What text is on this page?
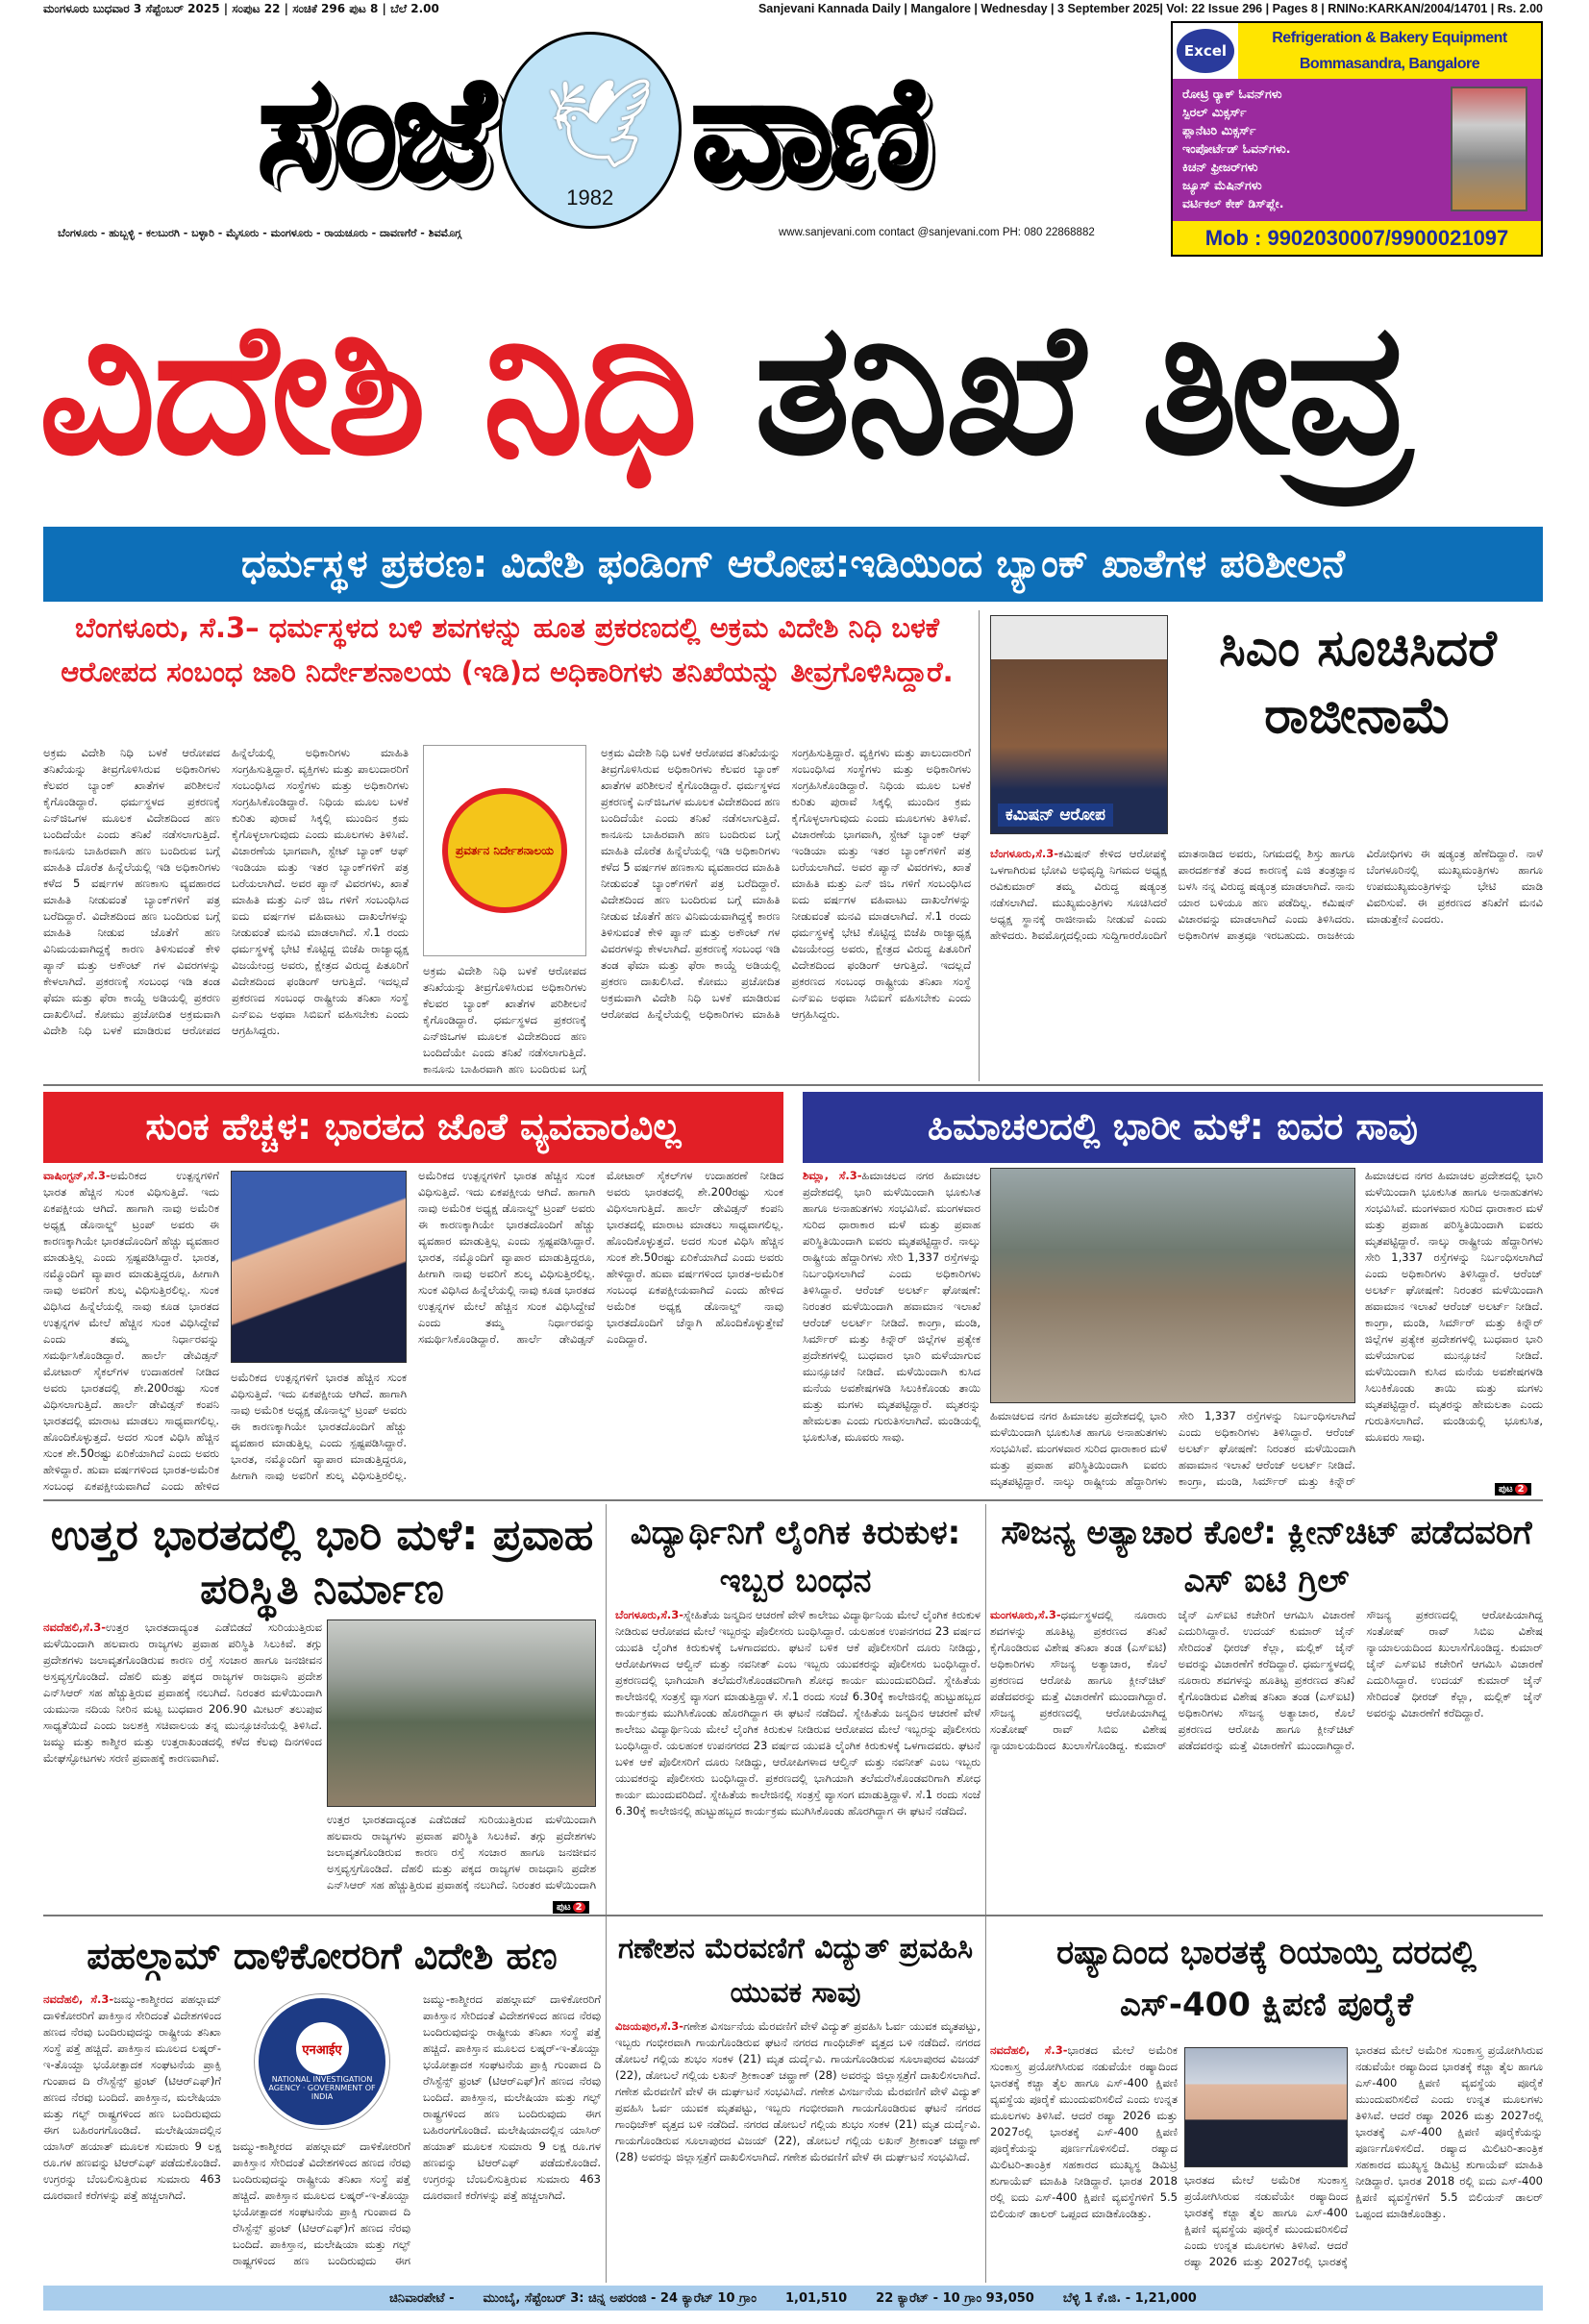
ಮಂಗಳೂರು ಬುಧವಾರ 3 ಸೆಪ್ಟೆಂಬರ್ 2025 | ಸಂಪುಟ 22 | ಸಂಚಿಕೆ 296 ಪುಟ 8 | ಬೆಲೆ 2.00	Sanjevani Kannada Daily | Mangalore | Wednesday | 3 September 2025| Vol: 22 Issue 296 | Pages 8 | RNINo:KARKAN/2004/14701 | Rs. 2.00
ಸಂಜೆ 🕊
1982 ವಾಣಿ
ಬೆಂಗಳೂರು - ಹುಬ್ಬಳ್ಳಿ - ಕಲಬುರಗಿ - ಬಳ್ಳಾರಿ - ಮೈಸೂರು - ಮಂಗಳೂರು - ರಾಯಚೂರು - ದಾವಣಗೆರೆ - ಶಿವಮೊಗ್ಗ	www.sanjevani.com contact @sanjevani.com PH: 080 22868882
Excel
Refrigeration & Bakery Equipment
Bommasandra, Bangalore
ರೋಟ್ರಿ ರ್‍ಯಾಕ್ ಓವನ್‌ಗಳು
ಸ್ಪಿರಲ್ ಮಿಕ್ಸರ್ಸ್
ಪ್ಲಾನೆಟರಿ ಮಿಕ್ಸರ್ಸ್
ಇಂಪೋರ್ಟೆಡ್ ಓವನ್‌ಗಳು.
ಕಿಚನ್ ಫ್ರೀಜರ್‌ಗಳು
ಜ್ಯೂಸ್ ಮೆಷಿನ್‌ಗಳು
ವರ್ಟಿಕಲ್ ಕೇಕ್ ಡಿಸ್‌ಪ್ಲೇ.
Mob : 9902030007/9900021097
ವಿದೇಶಿ ನಿಧಿ ತನಿಖೆ ತೀವ್ರ
ಧರ್ಮಸ್ಥಳ ಪ್ರಕರಣ: ವಿದೇಶಿ ಫಂಡಿಂಗ್ ಆರೋಪ:ಇಡಿಯಿಂದ ಬ್ಯಾಂಕ್ ಖಾತೆಗಳ ಪರಿಶೀಲನೆ
ಬೆಂಗಳೂರು, ಸೆ.3– ಧರ್ಮಸ್ಥಳದ ಬಳಿ ಶವಗಳನ್ನು ಹೂತ ಪ್ರಕರಣದಲ್ಲಿ ಅಕ್ರಮ ವಿದೇಶಿ ನಿಧಿ ಬಳಕೆ ಆರೋಪದ ಸಂಬಂಧ ಜಾರಿ ನಿರ್ದೇಶನಾಲಯ (ಇಡಿ)ದ ಅಧಿಕಾರಿಗಳು ತನಿಖೆಯನ್ನು ತೀವ್ರಗೊಳಿಸಿದ್ದಾರೆ.
ಅಕ್ರಮ ವಿದೇಶಿ ನಿಧಿ ಬಳಕೆ ಆರೋಪದ ತನಿಖೆಯನ್ನು ತೀವ್ರಗೊಳಿಸಿರುವ ಅಧಿಕಾರಿಗಳು ಕೆಲವರ ಬ್ಯಾಂಕ್ ಖಾತೆಗಳ ಪರಿಶೀಲನೆ ಕೈಗೊಂಡಿದ್ದಾರೆ. ಧರ್ಮಸ್ಥಳದ ಪ್ರಕರಣಕ್ಕೆ ಎನ್‌ಜಿಒಗಳ ಮೂಲಕ ವಿದೇಶದಿಂದ ಹಣ ಬಂದಿದೆಯೇ ಎಂದು ತನಿಖೆ ನಡೆಸಲಾಗುತ್ತಿದೆ. ಕಾನೂನು ಬಾಹಿರವಾಗಿ ಹಣ ಬಂದಿರುವ ಬಗ್ಗೆ ಮಾಹಿತಿ ದೊರೆತ ಹಿನ್ನೆಲೆಯಲ್ಲಿ ಇಡಿ ಅಧಿಕಾರಿಗಳು ಕಳೆದ 5 ವರ್ಷಗಳ ಹಣಕಾಸು ವ್ಯವಹಾರದ ಮಾಹಿತಿ ನೀಡುವಂತೆ ಬ್ಯಾಂಕ್‌ಗಳಿಗೆ ಪತ್ರ ಬರೆದಿದ್ದಾರೆ. ವಿದೇಶದಿಂದ ಹಣ ಬಂದಿರುವ ಬಗ್ಗೆ ಮಾಹಿತಿ ನೀಡುವ ಜೊತೆಗೆ ಹಣ ವಿನಿಮಯವಾಗಿದ್ದಕ್ಕೆ ಕಾರಣ ತಿಳಿಸುವಂತೆ ಕೇಳಿ ಪ್ಯಾನ್ ಮತ್ತು ಅಕೌಂಟ್ ಗಳ ವಿವರಗಳನ್ನು ಕೇಳಲಾಗಿದೆ. ಪ್ರಕರಣಕ್ಕೆ ಸಂಬಂಧ ಇಡಿ ತಂಡ ಫೆಮಾ ಮತ್ತು ಫೆರಾ ಕಾಯ್ದೆ ಅಡಿಯಲ್ಲಿ ಪ್ರಕರಣ ದಾಖಲಿಸಿದೆ. ಕೋಮು ಪ್ರಚೋದಿತ ಅಕ್ರಮವಾಗಿ ವಿದೇಶಿ ನಿಧಿ ಬಳಕೆ ಮಾಡಿರುವ ಆರೋಪದ ಹಿನ್ನೆಲೆಯಲ್ಲಿ ಅಧಿಕಾರಿಗಳು ಮಾಹಿತಿ ಸಂಗ್ರಹಿಸುತ್ತಿದ್ದಾರೆ. ವ್ಯಕ್ತಿಗಳು ಮತ್ತು ಪಾಲುದಾರರಿಗೆ ಸಂಬಂಧಿಸಿದ ಸಂಸ್ಥೆಗಳು ಮತ್ತು ಅಧಿಕಾರಿಗಳು ಸಂಗ್ರಹಿಸಿಕೊಂಡಿದ್ದಾರೆ. ನಿಧಿಯ ಮೂಲ ಬಳಕೆ ಕುರಿತು ಪುರಾವೆ ಸಿಕ್ಕಲ್ಲಿ ಮುಂದಿನ ಕ್ರಮ ಕೈಗೊಳ್ಳಲಾಗುವುದು ಎಂದು ಮೂಲಗಳು ತಿಳಿಸಿವೆ. ವಿಚಾರಣೆಯ ಭಾಗವಾಗಿ, ಸ್ಟೇಟ್ ಬ್ಯಾಂಕ್ ಆಫ್ ಇಂಡಿಯಾ ಮತ್ತು ಇತರ ಬ್ಯಾಂಕ್‌ಗಳಿಗೆ ಪತ್ರ ಬರೆಯಲಾಗಿದೆ. ಅವರ ಪ್ಯಾನ್ ವಿವರಗಳು, ಖಾತೆ ಮಾಹಿತಿ ಮತ್ತು ಎನ್ ಜಿಒ ಗಳಿಗೆ ಸಂಬಂಧಿಸಿದ ಐದು ವರ್ಷಗಳ ವಹಿವಾಟು ದಾಖಲೆಗಳನ್ನು ನೀಡುವಂತೆ ಮನವಿ ಮಾಡಲಾಗಿದೆ. ಸೆ.1 ರಂದು ಧರ್ಮಸ್ಥಳಕ್ಕೆ ಭೇಟಿ ಕೊಟ್ಟಿದ್ದ ಬಿಜೆಪಿ ರಾಜ್ಯಾಧ್ಯಕ್ಷ ವಿಜಯೇಂದ್ರ ಅವರು, ಕ್ಷೇತ್ರದ ವಿರುದ್ಧ ಪಿತೂರಿಗೆ ವಿದೇಶದಿಂದ ಫಂಡಿಂಗ್ ಆಗುತ್ತಿದೆ. ಇದಲ್ಲದೆ ಪ್ರಕರಣದ ಸಂಬಂಧ ರಾಷ್ಟ್ರೀಯ ತನಿಖಾ ಸಂಸ್ಥೆ ಎನ್‌ಐಎ ಅಥವಾ ಸಿಬಿಐಗೆ ವಹಿಸಬೇಕು ಎಂದು ಆಗ್ರಹಿಸಿದ್ದರು.
ಪ್ರವರ್ತನ ನಿರ್ದೇಶನಾಲಯ
ಅಕ್ರಮ ವಿದೇಶಿ ನಿಧಿ ಬಳಕೆ ಆರೋಪದ ತನಿಖೆಯನ್ನು ತೀವ್ರಗೊಳಿಸಿರುವ ಅಧಿಕಾರಿಗಳು ಕೆಲವರ ಬ್ಯಾಂಕ್ ಖಾತೆಗಳ ಪರಿಶೀಲನೆ ಕೈಗೊಂಡಿದ್ದಾರೆ. ಧರ್ಮಸ್ಥಳದ ಪ್ರಕರಣಕ್ಕೆ ಎನ್‌ಜಿಒಗಳ ಮೂಲಕ ವಿದೇಶದಿಂದ ಹಣ ಬಂದಿದೆಯೇ ಎಂದು ತನಿಖೆ ನಡೆಸಲಾಗುತ್ತಿದೆ. ಕಾನೂನು ಬಾಹಿರವಾಗಿ ಹಣ ಬಂದಿರುವ ಬಗ್ಗೆ
ಅಕ್ರಮ ವಿದೇಶಿ ನಿಧಿ ಬಳಕೆ ಆರೋಪದ ತನಿಖೆಯನ್ನು ತೀವ್ರಗೊಳಿಸಿರುವ ಅಧಿಕಾರಿಗಳು ಕೆಲವರ ಬ್ಯಾಂಕ್ ಖಾತೆಗಳ ಪರಿಶೀಲನೆ ಕೈಗೊಂಡಿದ್ದಾರೆ. ಧರ್ಮಸ್ಥಳದ ಪ್ರಕರಣಕ್ಕೆ ಎನ್‌ಜಿಒಗಳ ಮೂಲಕ ವಿದೇಶದಿಂದ ಹಣ ಬಂದಿದೆಯೇ ಎಂದು ತನಿಖೆ ನಡೆಸಲಾಗುತ್ತಿದೆ. ಕಾನೂನು ಬಾಹಿರವಾಗಿ ಹಣ ಬಂದಿರುವ ಬಗ್ಗೆ ಮಾಹಿತಿ ದೊರೆತ ಹಿನ್ನೆಲೆಯಲ್ಲಿ ಇಡಿ ಅಧಿಕಾರಿಗಳು ಕಳೆದ 5 ವರ್ಷಗಳ ಹಣಕಾಸು ವ್ಯವಹಾರದ ಮಾಹಿತಿ ನೀಡುವಂತೆ ಬ್ಯಾಂಕ್‌ಗಳಿಗೆ ಪತ್ರ ಬರೆದಿದ್ದಾರೆ. ವಿದೇಶದಿಂದ ಹಣ ಬಂದಿರುವ ಬಗ್ಗೆ ಮಾಹಿತಿ ನೀಡುವ ಜೊತೆಗೆ ಹಣ ವಿನಿಮಯವಾಗಿದ್ದಕ್ಕೆ ಕಾರಣ ತಿಳಿಸುವಂತೆ ಕೇಳಿ ಪ್ಯಾನ್ ಮತ್ತು ಅಕೌಂಟ್ ಗಳ ವಿವರಗಳನ್ನು ಕೇಳಲಾಗಿದೆ. ಪ್ರಕರಣಕ್ಕೆ ಸಂಬಂಧ ಇಡಿ ತಂಡ ಫೆಮಾ ಮತ್ತು ಫೆರಾ ಕಾಯ್ದೆ ಅಡಿಯಲ್ಲಿ ಪ್ರಕರಣ ದಾಖಲಿಸಿದೆ. ಕೋಮು ಪ್ರಚೋದಿತ ಅಕ್ರಮವಾಗಿ ವಿದೇಶಿ ನಿಧಿ ಬಳಕೆ ಮಾಡಿರುವ ಆರೋಪದ ಹಿನ್ನೆಲೆಯಲ್ಲಿ ಅಧಿಕಾರಿಗಳು ಮಾಹಿತಿ ಸಂಗ್ರಹಿಸುತ್ತಿದ್ದಾರೆ. ವ್ಯಕ್ತಿಗಳು ಮತ್ತು ಪಾಲುದಾರರಿಗೆ ಸಂಬಂಧಿಸಿದ ಸಂಸ್ಥೆಗಳು ಮತ್ತು ಅಧಿಕಾರಿಗಳು ಸಂಗ್ರಹಿಸಿಕೊಂಡಿದ್ದಾರೆ. ನಿಧಿಯ ಮೂಲ ಬಳಕೆ ಕುರಿತು ಪುರಾವೆ ಸಿಕ್ಕಲ್ಲಿ ಮುಂದಿನ ಕ್ರಮ ಕೈಗೊಳ್ಳಲಾಗುವುದು ಎಂದು ಮೂಲಗಳು ತಿಳಿಸಿವೆ. ವಿಚಾರಣೆಯ ಭಾಗವಾಗಿ, ಸ್ಟೇಟ್ ಬ್ಯಾಂಕ್ ಆಫ್ ಇಂಡಿಯಾ ಮತ್ತು ಇತರ ಬ್ಯಾಂಕ್‌ಗಳಿಗೆ ಪತ್ರ ಬರೆಯಲಾಗಿದೆ. ಅವರ ಪ್ಯಾನ್ ವಿವರಗಳು, ಖಾತೆ ಮಾಹಿತಿ ಮತ್ತು ಎನ್ ಜಿಒ ಗಳಿಗೆ ಸಂಬಂಧಿಸಿದ ಐದು ವರ್ಷಗಳ ವಹಿವಾಟು ದಾಖಲೆಗಳನ್ನು ನೀಡುವಂತೆ ಮನವಿ ಮಾಡಲಾಗಿದೆ. ಸೆ.1 ರಂದು ಧರ್ಮಸ್ಥಳಕ್ಕೆ ಭೇಟಿ ಕೊಟ್ಟಿದ್ದ ಬಿಜೆಪಿ ರಾಜ್ಯಾಧ್ಯಕ್ಷ ವಿಜಯೇಂದ್ರ ಅವರು, ಕ್ಷೇತ್ರದ ವಿರುದ್ಧ ಪಿತೂರಿಗೆ ವಿದೇಶದಿಂದ ಫಂಡಿಂಗ್ ಆಗುತ್ತಿದೆ. ಇದಲ್ಲದೆ ಪ್ರಕರಣದ ಸಂಬಂಧ ರಾಷ್ಟ್ರೀಯ ತನಿಖಾ ಸಂಸ್ಥೆ ಎನ್‌ಐಎ ಅಥವಾ ಸಿಬಿಐಗೆ ವಹಿಸಬೇಕು ಎಂದು ಆಗ್ರಹಿಸಿದ್ದರು.
ಕಮಿಷನ್ ಆರೋಪ
ಸಿಎಂ ಸೂಚಿಸಿದರೆ ರಾಜೀನಾಮೆ
ಬೆಂಗಳೂರು,ಸೆ.3-ಕಮಿಷನ್ ಕೇಳಿದ ಆರೋಪಕ್ಕೆ ಒಳಗಾಗಿರುವ ಭೋವಿ ಅಭಿವೃದ್ಧಿ ನಿಗಮದ ಅಧ್ಯಕ್ಷ ರವಿಕುಮಾರ್ ತಮ್ಮ ವಿರುದ್ಧ ಷಡ್ಯಂತ್ರ ನಡೆಸಲಾಗಿದೆ. ಮುಖ್ಯಮಂತ್ರಿಗಳು ಸೂಚಿಸಿದರೆ ಅಧ್ಯಕ್ಷ ಸ್ಥಾನಕ್ಕೆ ರಾಜೀನಾಮೆ ನೀಡುವೆ ಎಂದು ಹೇಳಿದರು. ಶಿವಮೊಗ್ಗದಲ್ಲಿಂದು ಸುದ್ದಿಗಾರರೊಂದಿಗೆ ಮಾತನಾಡಿದ ಅವರು, ನಿಗಮದಲ್ಲಿ ಶಿಸ್ತು ಹಾಗೂ ಪಾರದರ್ಶಕತೆ ತಂದ ಕಾರಣಕ್ಕೆ ಎಜಿ ತಂತ್ರಜ್ಞಾನ ಬಳಸಿ ನನ್ನ ವಿರುದ್ಧ ಷಡ್ಯಂತ್ರ ಮಾಡಲಾಗಿದೆ. ನಾನು ಯಾರ ಬಳಿಯೂ ಹಣ ಪಡೆದಿಲ್ಲ. ಕಮಿಷನ್ ವಿಚಾರವನ್ನು ಮಾಡಲಾಗಿದೆ ಎಂದು ತಿಳಿಸಿದರು. ಅಧಿಕಾರಿಗಳ ಪಾತ್ರವೂ ಇರಬಹುದು. ರಾಜಕೀಯ ವಿರೋಧಿಗಳು ಈ ಷಡ್ಯಂತ್ರ ಹೆಣೆದಿದ್ದಾರೆ. ನಾಳೆ ಬೆಂಗಳೂರಿನಲ್ಲಿ ಮುಖ್ಯಮಂತ್ರಿಗಳು ಹಾಗೂ ಉಪಮುಖ್ಯಮಂತ್ರಿಗಳನ್ನು ಭೇಟಿ ಮಾಡಿ ವಿವರಿಸುವೆ. ಈ ಪ್ರಕರಣದ ತನಿಖೆಗೆ ಮನವಿ ಮಾಡುತ್ತೇನೆ ಎಂದರು.
ಸುಂಕ ಹೆಚ್ಚಳ: ಭಾರತದ ಜೊತೆ ವ್ಯವಹಾರವಿಲ್ಲ
ವಾಷಿಂಗ್ಟನ್,ಸೆ.3-ಅಮೆರಿಕದ ಉತ್ಪನ್ನಗಳಿಗೆ ಭಾರತ ಹೆಚ್ಚಿನ ಸುಂಕ ವಿಧಿಸುತ್ತಿದೆ. ಇದು ಏಕಪಕ್ಷೀಯ ಆಗಿದೆ. ಹಾಗಾಗಿ ನಾವು ಅಮೆರಿಕ ಅಧ್ಯಕ್ಷ ಡೊನಾಲ್ಡ್ ಟ್ರಂಪ್ ಅವರು ಈ ಕಾರಣಕ್ಕಾಗಿಯೇ ಭಾರತದೊಂದಿಗೆ ಹೆಚ್ಚು ವ್ಯವಹಾರ ಮಾಡುತ್ತಿಲ್ಲ ಎಂದು ಸ್ಪಷ್ಟಪಡಿಸಿದ್ದಾರೆ. ಭಾರತ, ನಮ್ಮೊಂದಿಗೆ ವ್ಯಾಪಾರ ಮಾಡುತ್ತಿದ್ದರೂ, ಹೀಗಾಗಿ ನಾವು ಅವರಿಗೆ ಶುಲ್ಕ ವಿಧಿಸುತ್ತಿರಲಿಲ್ಲ. ಸುಂಕ ವಿಧಿಸಿದ ಹಿನ್ನೆಲೆಯಲ್ಲಿ ನಾವು ಕೂಡ ಭಾರತದ ಉತ್ಪನ್ನಗಳ ಮೇಲೆ ಹೆಚ್ಚಿನ ಸುಂಕ ವಿಧಿಸಿದ್ದೇವೆ ಎಂದು ತಮ್ಮ ನಿರ್ಧಾರವನ್ನು ಸಮರ್ಥಿಸಿಕೊಂಡಿದ್ದಾರೆ. ಹಾರ್ಲೆ ಡೇವಿಡ್ಸನ್ ಮೋಟಾರ್ ಸೈಕಲ್‌ಗಳ ಉದಾಹರಣೆ ನೀಡಿದ ಅವರು ಭಾರತದಲ್ಲಿ ಶೇ.200ರಷ್ಟು ಸುಂಕ ವಿಧಿಸಲಾಗುತ್ತಿದೆ. ಹಾರ್ಲೆ ಡೇವಿಡ್ಸನ್ ಕಂಪನಿ ಭಾರತದಲ್ಲಿ ಮಾರಾಟ ಮಾಡಲು ಸಾಧ್ಯವಾಗಲಿಲ್ಲ. ಹೊಂದಿಕೊಳ್ಳುತ್ತದೆ. ಅದರ ಸುಂಕ ವಿಧಿಸಿ ಹೆಚ್ಚಿನ ಸುಂಕ ಶೇ.50ರಷ್ಟು ಏರಿಕೆಯಾಗಿದೆ ಎಂದು ಅವರು ಹೇಳಿದ್ದಾರೆ. ಹುವಾ ವರ್ಷಗಳಿಂದ ಭಾರತ-ಅಮೆರಿಕ ಸಂಬಂಧ ಏಕಪಕ್ಷೀಯವಾಗಿದೆ ಎಂದು ಹೇಳಿದ
ಅಮೆರಿಕದ ಉತ್ಪನ್ನಗಳಿಗೆ ಭಾರತ ಹೆಚ್ಚಿನ ಸುಂಕ ವಿಧಿಸುತ್ತಿದೆ. ಇದು ಏಕಪಕ್ಷೀಯ ಆಗಿದೆ. ಹಾಗಾಗಿ ನಾವು ಅಮೆರಿಕ ಅಧ್ಯಕ್ಷ ಡೊನಾಲ್ಡ್ ಟ್ರಂಪ್ ಅವರು ಈ ಕಾರಣಕ್ಕಾಗಿಯೇ ಭಾರತದೊಂದಿಗೆ ಹೆಚ್ಚು ವ್ಯವಹಾರ ಮಾಡುತ್ತಿಲ್ಲ ಎಂದು ಸ್ಪಷ್ಟಪಡಿಸಿದ್ದಾರೆ. ಭಾರತ, ನಮ್ಮೊಂದಿಗೆ ವ್ಯಾಪಾರ ಮಾಡುತ್ತಿದ್ದರೂ, ಹೀಗಾಗಿ ನಾವು ಅವರಿಗೆ ಶುಲ್ಕ ವಿಧಿಸುತ್ತಿರಲಿಲ್ಲ.
ಅಮೆರಿಕದ ಉತ್ಪನ್ನಗಳಿಗೆ ಭಾರತ ಹೆಚ್ಚಿನ ಸುಂಕ ವಿಧಿಸುತ್ತಿದೆ. ಇದು ಏಕಪಕ್ಷೀಯ ಆಗಿದೆ. ಹಾಗಾಗಿ ನಾವು ಅಮೆರಿಕ ಅಧ್ಯಕ್ಷ ಡೊನಾಲ್ಡ್ ಟ್ರಂಪ್ ಅವರು ಈ ಕಾರಣಕ್ಕಾಗಿಯೇ ಭಾರತದೊಂದಿಗೆ ಹೆಚ್ಚು ವ್ಯವಹಾರ ಮಾಡುತ್ತಿಲ್ಲ ಎಂದು ಸ್ಪಷ್ಟಪಡಿಸಿದ್ದಾರೆ. ಭಾರತ, ನಮ್ಮೊಂದಿಗೆ ವ್ಯಾಪಾರ ಮಾಡುತ್ತಿದ್ದರೂ, ಹೀಗಾಗಿ ನಾವು ಅವರಿಗೆ ಶುಲ್ಕ ವಿಧಿಸುತ್ತಿರಲಿಲ್ಲ. ಸುಂಕ ವಿಧಿಸಿದ ಹಿನ್ನೆಲೆಯಲ್ಲಿ ನಾವು ಕೂಡ ಭಾರತದ ಉತ್ಪನ್ನಗಳ ಮೇಲೆ ಹೆಚ್ಚಿನ ಸುಂಕ ವಿಧಿಸಿದ್ದೇವೆ ಎಂದು ತಮ್ಮ ನಿರ್ಧಾರವನ್ನು ಸಮರ್ಥಿಸಿಕೊಂಡಿದ್ದಾರೆ. ಹಾರ್ಲೆ ಡೇವಿಡ್ಸನ್ ಮೋಟಾರ್ ಸೈಕಲ್‌ಗಳ ಉದಾಹರಣೆ ನೀಡಿದ ಅವರು ಭಾರತದಲ್ಲಿ ಶೇ.200ರಷ್ಟು ಸುಂಕ ವಿಧಿಸಲಾಗುತ್ತಿದೆ. ಹಾರ್ಲೆ ಡೇವಿಡ್ಸನ್ ಕಂಪನಿ ಭಾರತದಲ್ಲಿ ಮಾರಾಟ ಮಾಡಲು ಸಾಧ್ಯವಾಗಲಿಲ್ಲ. ಹೊಂದಿಕೊಳ್ಳುತ್ತದೆ. ಅದರ ಸುಂಕ ವಿಧಿಸಿ ಹೆಚ್ಚಿನ ಸುಂಕ ಶೇ.50ರಷ್ಟು ಏರಿಕೆಯಾಗಿದೆ ಎಂದು ಅವರು ಹೇಳಿದ್ದಾರೆ. ಹುವಾ ವರ್ಷಗಳಿಂದ ಭಾರತ-ಅಮೆರಿಕ ಸಂಬಂಧ ಏಕಪಕ್ಷೀಯವಾಗಿದೆ ಎಂದು ಹೇಳಿದ ಅಮೆರಿಕ ಅಧ್ಯಕ್ಷ ಡೊನಾಲ್ಡ್ ನಾವು ಭಾರತದೊಂದಿಗೆ ಚೆನ್ನಾಗಿ ಹೊಂದಿಕೊಳ್ಳುತ್ತೇವೆ ಎಂದಿದ್ದಾರೆ.
ಹಿಮಾಚಲದಲ್ಲಿ ಭಾರೀ ಮಳೆ: ಐವರ ಸಾವು
ಶಿಮ್ಲಾ, ಸೆ.3-ಹಿಮಾಚಲದ ನಗರ ಹಿಮಾಚಲ ಪ್ರದೇಶದಲ್ಲಿ ಭಾರಿ ಮಳೆಯಿಂದಾಗಿ ಭೂಕುಸಿತ ಹಾಗೂ ಅನಾಹುತಗಳು ಸಂಭವಿಸಿವೆ. ಮಂಗಳವಾರ ಸುರಿದ ಧಾರಾಕಾರ ಮಳೆ ಮತ್ತು ಪ್ರವಾಹ ಪರಿಸ್ಥಿತಿಯಿಂದಾಗಿ ಐವರು ಮೃತಪಟ್ಟಿದ್ದಾರೆ. ನಾಲ್ಕು ರಾಷ್ಟ್ರೀಯ ಹೆದ್ದಾರಿಗಳು ಸೇರಿ 1,337 ರಸ್ತೆಗಳನ್ನು ನಿರ್ಬಂಧಿಸಲಾಗಿದೆ ಎಂದು ಅಧಿಕಾರಿಗಳು ತಿಳಿಸಿದ್ದಾರೆ. ಆರೆಂಜ್ ಅಲರ್ಟ್ ಘೋಷಣೆ: ನಿರಂತರ ಮಳೆಯಿಂದಾಗಿ ಹವಾಮಾನ ಇಲಾಖೆ ಆರೆಂಜ್ ಅಲರ್ಟ್ ನೀಡಿದೆ. ಕಾಂಗ್ರಾ, ಮಂಡಿ, ಸಿರ್ಮೌರ್ ಮತ್ತು ಕಿನ್ನೌರ್ ಜಿಲ್ಲೆಗಳ ಪ್ರತ್ಯೇಕ ಪ್ರದೇಶಗಳಲ್ಲಿ ಬುಧವಾರ ಭಾರಿ ಮಳೆಯಾಗುವ ಮುನ್ಸೂಚನೆ ನೀಡಿದೆ. ಮಳೆಯಿಂದಾಗಿ ಕುಸಿದ ಮನೆಯ ಅವಶೇಷಗಳಡಿ ಸಿಲುಕಿಕೊಂಡು ತಾಯಿ ಮತ್ತು ಮಗಳು ಮೃತಪಟ್ಟಿದ್ದಾರೆ. ಮೃತರನ್ನು ಹೇಮಲತಾ ಎಂದು ಗುರುತಿಸಲಾಗಿದೆ. ಮಂಡಿಯಲ್ಲಿ ಭೂಕುಸಿತ, ಮೂವರು ಸಾವು.
ಹಿಮಾಚಲದ ನಗರ ಹಿಮಾಚಲ ಪ್ರದೇಶದಲ್ಲಿ ಭಾರಿ ಮಳೆಯಿಂದಾಗಿ ಭೂಕುಸಿತ ಹಾಗೂ ಅನಾಹುತಗಳು ಸಂಭವಿಸಿವೆ. ಮಂಗಳವಾರ ಸುರಿದ ಧಾರಾಕಾರ ಮಳೆ ಮತ್ತು ಪ್ರವಾಹ ಪರಿಸ್ಥಿತಿಯಿಂದಾಗಿ ಐವರು ಮೃತಪಟ್ಟಿದ್ದಾರೆ. ನಾಲ್ಕು ರಾಷ್ಟ್ರೀಯ ಹೆದ್ದಾರಿಗಳು ಸೇರಿ 1,337 ರಸ್ತೆಗಳನ್ನು ನಿರ್ಬಂಧಿಸಲಾಗಿದೆ ಎಂದು ಅಧಿಕಾರಿಗಳು ತಿಳಿಸಿದ್ದಾರೆ. ಆರೆಂಜ್ ಅಲರ್ಟ್ ಘೋಷಣೆ: ನಿರಂತರ ಮಳೆಯಿಂದಾಗಿ ಹವಾಮಾನ ಇಲಾಖೆ ಆರೆಂಜ್ ಅಲರ್ಟ್ ನೀಡಿದೆ. ಕಾಂಗ್ರಾ, ಮಂಡಿ, ಸಿರ್ಮೌರ್ ಮತ್ತು ಕಿನ್ನೌರ್
ಹಿಮಾಚಲದ ನಗರ ಹಿಮಾಚಲ ಪ್ರದೇಶದಲ್ಲಿ ಭಾರಿ ಮಳೆಯಿಂದಾಗಿ ಭೂಕುಸಿತ ಹಾಗೂ ಅನಾಹುತಗಳು ಸಂಭವಿಸಿವೆ. ಮಂಗಳವಾರ ಸುರಿದ ಧಾರಾಕಾರ ಮಳೆ ಮತ್ತು ಪ್ರವಾಹ ಪರಿಸ್ಥಿತಿಯಿಂದಾಗಿ ಐವರು ಮೃತಪಟ್ಟಿದ್ದಾರೆ. ನಾಲ್ಕು ರಾಷ್ಟ್ರೀಯ ಹೆದ್ದಾರಿಗಳು ಸೇರಿ 1,337 ರಸ್ತೆಗಳನ್ನು ನಿರ್ಬಂಧಿಸಲಾಗಿದೆ ಎಂದು ಅಧಿಕಾರಿಗಳು ತಿಳಿಸಿದ್ದಾರೆ. ಆರೆಂಜ್ ಅಲರ್ಟ್ ಘೋಷಣೆ: ನಿರಂತರ ಮಳೆಯಿಂದಾಗಿ ಹವಾಮಾನ ಇಲಾಖೆ ಆರೆಂಜ್ ಅಲರ್ಟ್ ನೀಡಿದೆ. ಕಾಂಗ್ರಾ, ಮಂಡಿ, ಸಿರ್ಮೌರ್ ಮತ್ತು ಕಿನ್ನೌರ್ ಜಿಲ್ಲೆಗಳ ಪ್ರತ್ಯೇಕ ಪ್ರದೇಶಗಳಲ್ಲಿ ಬುಧವಾರ ಭಾರಿ ಮಳೆಯಾಗುವ ಮುನ್ಸೂಚನೆ ನೀಡಿದೆ. ಮಳೆಯಿಂದಾಗಿ ಕುಸಿದ ಮನೆಯ ಅವಶೇಷಗಳಡಿ ಸಿಲುಕಿಕೊಂಡು ತಾಯಿ ಮತ್ತು ಮಗಳು ಮೃತಪಟ್ಟಿದ್ದಾರೆ. ಮೃತರನ್ನು ಹೇಮಲತಾ ಎಂದು ಗುರುತಿಸಲಾಗಿದೆ. ಮಂಡಿಯಲ್ಲಿ ಭೂಕುಸಿತ, ಮೂವರು ಸಾವು.
ಪುಟ 2
ಉತ್ತರ ಭಾರತದಲ್ಲಿ ಭಾರಿ ಮಳೆ: ಪ್ರವಾಹ ಪರಿಸ್ಥಿತಿ ನಿರ್ಮಾಣ
ನವದೆಹಲಿ,ಸೆ.3-ಉತ್ತರ ಭಾರತದಾದ್ಯಂತ ಎಡೆಬಿಡದೆ ಸುರಿಯುತ್ತಿರುವ ಮಳೆಯಿಂದಾಗಿ ಹಲವಾರು ರಾಜ್ಯಗಳು ಪ್ರವಾಹ ಪರಿಸ್ಥಿತಿ ಸಿಲುಕಿವೆ. ತಗ್ಗು ಪ್ರದೇಶಗಳು ಜಲಾವೃತಗೊಂಡಿರುವ ಕಾರಣ ರಸ್ತೆ ಸಂಚಾರ ಹಾಗೂ ಜನಜೀವನ ಅಸ್ತವ್ಯಸ್ತಗೊಂಡಿದೆ. ದೆಹಲಿ ಮತ್ತು ಪಕ್ಕದ ರಾಜ್ಯಗಳ ರಾಜಧಾನಿ ಪ್ರದೇಶ ಎನ್‌ಸಿಆರ್ ಸಹ ಹೆಚ್ಚುತ್ತಿರುವ ಪ್ರವಾಹಕ್ಕೆ ನಲುಗಿದೆ. ನಿರಂತರ ಮಳೆಯಿಂದಾಗಿ ಯಮುನಾ ನದಿಯ ನೀರಿನ ಮಟ್ಟ ಬುಧವಾರ 206.90 ಮೀಟರ್ ತಲುಪುವ ಸಾಧ್ಯತೆಯಿದೆ ಎಂದು ಜಲಶಕ್ತಿ ಸಚಿವಾಲಯ ತನ್ನ ಮುನ್ಸೂಚನೆಯಲ್ಲಿ ತಿಳಿಸಿದೆ. ಜಮ್ಮು ಮತ್ತು ಕಾಶ್ಮೀರ ಮತ್ತು ಉತ್ತರಾಖಂಡದಲ್ಲಿ ಕಳೆದ ಕೆಲವು ದಿನಗಳಿಂದ ಮೇಘಸ್ಫೋಟಗಳು ಸರಣಿ ಪ್ರವಾಹಕ್ಕೆ ಕಾರಣವಾಗಿವೆ.
ಉತ್ತರ ಭಾರತದಾದ್ಯಂತ ಎಡೆಬಿಡದೆ ಸುರಿಯುತ್ತಿರುವ ಮಳೆಯಿಂದಾಗಿ ಹಲವಾರು ರಾಜ್ಯಗಳು ಪ್ರವಾಹ ಪರಿಸ್ಥಿತಿ ಸಿಲುಕಿವೆ. ತಗ್ಗು ಪ್ರದೇಶಗಳು ಜಲಾವೃತಗೊಂಡಿರುವ ಕಾರಣ ರಸ್ತೆ ಸಂಚಾರ ಹಾಗೂ ಜನಜೀವನ ಅಸ್ತವ್ಯಸ್ತಗೊಂಡಿದೆ. ದೆಹಲಿ ಮತ್ತು ಪಕ್ಕದ ರಾಜ್ಯಗಳ ರಾಜಧಾನಿ ಪ್ರದೇಶ ಎನ್‌ಸಿಆರ್ ಸಹ ಹೆಚ್ಚುತ್ತಿರುವ ಪ್ರವಾಹಕ್ಕೆ ನಲುಗಿದೆ. ನಿರಂತರ ಮಳೆಯಿಂದಾಗಿ
ಪುಟ 2
ವಿದ್ಯಾರ್ಥಿನಿಗೆ ಲೈಂಗಿಕ ಕಿರುಕುಳ: ಇಬ್ಬರ ಬಂಧನ
ಬೆಂಗಳೂರು,ಸೆ.3-ಸ್ನೇಹಿತೆಯ ಜನ್ಮದಿನ ಆಚರಣೆ ವೇಳೆ ಕಾಲೇಜು ವಿದ್ಯಾರ್ಥಿನಿಯ ಮೇಲೆ ಲೈಂಗಿಕ ಕಿರುಕುಳ ನೀಡಿರುವ ಆರೋಪದ ಮೇಲೆ ಇಬ್ಬರನ್ನು ಪೊಲೀಸರು ಬಂಧಿಸಿದ್ದಾರೆ. ಯಲಹಂಕ ಉಪನಗರದ 23 ವರ್ಷದ ಯುವತಿ ಲೈಂಗಿಕ ಕಿರುಕುಳಕ್ಕೆ ಒಳಗಾದವರು. ಘಟನೆ ಬಳಿಕ ಆಕೆ ಪೊಲೀಸರಿಗೆ ದೂರು ನೀಡಿದ್ದು, ಆರೋಪಿಗಳಾದ ಆಲ್ವಿನ್ ಮತ್ತು ನವನೀತ್ ಎಂಬ ಇಬ್ಬರು ಯುವಕರನ್ನು ಪೊಲೀಸರು ಬಂಧಿಸಿದ್ದಾರೆ. ಪ್ರಕರಣದಲ್ಲಿ ಭಾಗಿಯಾಗಿ ತಲೆಮರೆಸಿಕೊಂಡವರಿಗಾಗಿ ಶೋಧ ಕಾರ್ಯ ಮುಂದುವರಿದಿದೆ. ಸ್ನೇಹಿತೆಯ ಕಾಲೇಜಿನಲ್ಲಿ ಸಂತ್ರಸ್ತೆ ವ್ಯಾಸಂಗ ಮಾಡುತ್ತಿದ್ದಾಳೆ. ಸೆ.1 ರಂದು ಸಂಜೆ 6.30ಕ್ಕೆ ಕಾಲೇಜಿನಲ್ಲಿ ಹುಟ್ಟುಹಬ್ಬದ ಕಾರ್ಯಕ್ರಮ ಮುಗಿಸಿಕೊಂಡು ಹೊರಗಿದ್ದಾಗ ಈ ಘಟನೆ ನಡೆದಿದೆ. ಸ್ನೇಹಿತೆಯ ಜನ್ಮದಿನ ಆಚರಣೆ ವೇಳೆ ಕಾಲೇಜು ವಿದ್ಯಾರ್ಥಿನಿಯ ಮೇಲೆ ಲೈಂಗಿಕ ಕಿರುಕುಳ ನೀಡಿರುವ ಆರೋಪದ ಮೇಲೆ ಇಬ್ಬರನ್ನು ಪೊಲೀಸರು ಬಂಧಿಸಿದ್ದಾರೆ. ಯಲಹಂಕ ಉಪನಗರದ 23 ವರ್ಷದ ಯುವತಿ ಲೈಂಗಿಕ ಕಿರುಕುಳಕ್ಕೆ ಒಳಗಾದವರು. ಘಟನೆ ಬಳಿಕ ಆಕೆ ಪೊಲೀಸರಿಗೆ ದೂರು ನೀಡಿದ್ದು, ಆರೋಪಿಗಳಾದ ಆಲ್ವಿನ್ ಮತ್ತು ನವನೀತ್ ಎಂಬ ಇಬ್ಬರು ಯುವಕರನ್ನು ಪೊಲೀಸರು ಬಂಧಿಸಿದ್ದಾರೆ. ಪ್ರಕರಣದಲ್ಲಿ ಭಾಗಿಯಾಗಿ ತಲೆಮರೆಸಿಕೊಂಡವರಿಗಾಗಿ ಶೋಧ ಕಾರ್ಯ ಮುಂದುವರಿದಿದೆ. ಸ್ನೇಹಿತೆಯ ಕಾಲೇಜಿನಲ್ಲಿ ಸಂತ್ರಸ್ತೆ ವ್ಯಾಸಂಗ ಮಾಡುತ್ತಿದ್ದಾಳೆ. ಸೆ.1 ರಂದು ಸಂಜೆ 6.30ಕ್ಕೆ ಕಾಲೇಜಿನಲ್ಲಿ ಹುಟ್ಟುಹಬ್ಬದ ಕಾರ್ಯಕ್ರಮ ಮುಗಿಸಿಕೊಂಡು ಹೊರಗಿದ್ದಾಗ ಈ ಘಟನೆ ನಡೆದಿದೆ.
ಸೌಜನ್ಯ ಅತ್ಯಾಚಾರ ಕೊಲೆ: ಕ್ಲೀನ್‌ಚಿಟ್ ಪಡೆದವರಿಗೆ ಎಸ್ ಐಟಿ ಗ್ರಿಲ್
ಮಂಗಳೂರು,ಸೆ.3-ಧರ್ಮಸ್ಥಳದಲ್ಲಿ ನೂರಾರು ಶವಗಳನ್ನು ಹೂತಿಟ್ಟ ಪ್ರಕರಣದ ತನಿಖೆ ಕೈಗೊಂಡಿರುವ ವಿಶೇಷ ತನಿಖಾ ತಂಡ (ಎಸ್‌ಐಟಿ) ಅಧಿಕಾರಿಗಳು ಸೌಜನ್ಯ ಅತ್ಯಾಚಾರ, ಕೊಲೆ ಪ್ರಕರಣದ ಆರೋಪಿ ಹಾಗೂ ಕ್ಲೀನ್‌ಚಿಟ್ ಪಡೆದವರನ್ನು ಮತ್ತೆ ವಿಚಾರಣೆಗೆ ಮುಂದಾಗಿದ್ದಾರೆ. ಸೌಜನ್ಯ ಪ್ರಕರಣದಲ್ಲಿ ಆರೋಪಿಯಾಗಿದ್ದ ಸಂತೋಷ್ ರಾವ್ ಸಿಬಿಐ ವಿಶೇಷ ನ್ಯಾಯಾಲಯದಿಂದ ಖುಲಾಸೆಗೊಂಡಿದ್ದ. ಕುಮಾರ್ ಜೈನ್ ಎಸ್‌ಐಟಿ ಕಚೇರಿಗೆ ಆಗಮಿಸಿ ವಿಚಾರಣೆ ಎದುರಿಸಿದ್ದಾರೆ. ಉದಯ್ ಕುಮಾರ್ ಜೈನ್ ಸೇರಿದಂತೆ ಧೀರಜ್ ಕೆಲ್ಲಾ, ಮಲ್ಲಿಕ್ ಜೈನ್ ಅವರನ್ನು ವಿಚಾರಣೆಗೆ ಕರೆದಿದ್ದಾರೆ. ಧರ್ಮಸ್ಥಳದಲ್ಲಿ ನೂರಾರು ಶವಗಳನ್ನು ಹೂತಿಟ್ಟ ಪ್ರಕರಣದ ತನಿಖೆ ಕೈಗೊಂಡಿರುವ ವಿಶೇಷ ತನಿಖಾ ತಂಡ (ಎಸ್‌ಐಟಿ) ಅಧಿಕಾರಿಗಳು ಸೌಜನ್ಯ ಅತ್ಯಾಚಾರ, ಕೊಲೆ ಪ್ರಕರಣದ ಆರೋಪಿ ಹಾಗೂ ಕ್ಲೀನ್‌ಚಿಟ್ ಪಡೆದವರನ್ನು ಮತ್ತೆ ವಿಚಾರಣೆಗೆ ಮುಂದಾಗಿದ್ದಾರೆ. ಸೌಜನ್ಯ ಪ್ರಕರಣದಲ್ಲಿ ಆರೋಪಿಯಾಗಿದ್ದ ಸಂತೋಷ್ ರಾವ್ ಸಿಬಿಐ ವಿಶೇಷ ನ್ಯಾಯಾಲಯದಿಂದ ಖುಲಾಸೆಗೊಂಡಿದ್ದ. ಕುಮಾರ್ ಜೈನ್ ಎಸ್‌ಐಟಿ ಕಚೇರಿಗೆ ಆಗಮಿಸಿ ವಿಚಾರಣೆ ಎದುರಿಸಿದ್ದಾರೆ. ಉದಯ್ ಕುಮಾರ್ ಜೈನ್ ಸೇರಿದಂತೆ ಧೀರಜ್ ಕೆಲ್ಲಾ, ಮಲ್ಲಿಕ್ ಜೈನ್ ಅವರನ್ನು ವಿಚಾರಣೆಗೆ ಕರೆದಿದ್ದಾರೆ.
ಪಹಲ್ಗಾಮ್ ದಾಳಿಕೋರರಿಗೆ ವಿದೇಶಿ ಹಣ
ನವದೆಹಲಿ, ಸೆ.3-ಜಮ್ಮು-ಕಾಶ್ಮೀರದ ಪಹಲ್ಗಾಮ್ ದಾಳಿಕೋರರಿಗೆ ಪಾಕಿಸ್ತಾನ ಸೇರಿದಂತೆ ವಿದೇಶಗಳಿಂದ ಹಣದ ನೆರವು ಬಂದಿರುವುದನ್ನು ರಾಷ್ಟ್ರೀಯ ತನಿಖಾ ಸಂಸ್ಥೆ ಪತ್ತೆ ಹಚ್ಚಿದೆ. ಪಾಕಿಸ್ತಾನ ಮೂಲದ ಲಷ್ಕರ್-ಇ-ತೊಯ್ಬಾ ಭಯೋತ್ಪಾದಕ ಸಂಘಟನೆಯ ಪ್ರಾಕ್ಸಿ ಗುಂಪಾದ ದಿ ರೆಸಿಸ್ಟೆನ್ಸ್ ಫ್ರಂಟ್ (ಟಿಆರ್‌ಎಫ್)ಗೆ ಹಣದ ನೆರವು ಬಂದಿದೆ. ಪಾಕಿಸ್ತಾನ, ಮಲೇಷಿಯಾ ಮತ್ತು ಗಲ್ಫ್ ರಾಷ್ಟ್ರಗಳಿಂದ ಹಣ ಬಂದಿರುವುದು ಈಗ ಬಹಿರಂಗಗೊಂಡಿದೆ. ಮಲೇಷಿಯಾದಲ್ಲಿನ ಯಾಸಿರ್ ಹಯಾತ್ ಮೂಲಕ ಸುಮಾರು 9 ಲಕ್ಷ ರೂ.ಗಳ ಹಣವನ್ನು ಟಿಆರ್‌ಎಫ್ ಪಡೆದುಕೊಂಡಿದೆ. ಉಗ್ರರನ್ನು ಬೆಂಬಲಿಸುತ್ತಿರುವ ಸುಮಾರು 463 ದೂರವಾಣಿ ಕರೆಗಳನ್ನು ಪತ್ತೆ ಹಚ್ಚಲಾಗಿದೆ.
एनआईए
NATIONAL INVESTIGATION AGENCY · GOVERNMENT OF INDIA
ಜಮ್ಮು-ಕಾಶ್ಮೀರದ ಪಹಲ್ಗಾಮ್ ದಾಳಿಕೋರರಿಗೆ ಪಾಕಿಸ್ತಾನ ಸೇರಿದಂತೆ ವಿದೇಶಗಳಿಂದ ಹಣದ ನೆರವು ಬಂದಿರುವುದನ್ನು ರಾಷ್ಟ್ರೀಯ ತನಿಖಾ ಸಂಸ್ಥೆ ಪತ್ತೆ ಹಚ್ಚಿದೆ. ಪಾಕಿಸ್ತಾನ ಮೂಲದ ಲಷ್ಕರ್-ಇ-ತೊಯ್ಬಾ ಭಯೋತ್ಪಾದಕ ಸಂಘಟನೆಯ ಪ್ರಾಕ್ಸಿ ಗುಂಪಾದ ದಿ ರೆಸಿಸ್ಟೆನ್ಸ್ ಫ್ರಂಟ್ (ಟಿಆರ್‌ಎಫ್)ಗೆ ಹಣದ ನೆರವು ಬಂದಿದೆ. ಪಾಕಿಸ್ತಾನ, ಮಲೇಷಿಯಾ ಮತ್ತು ಗಲ್ಫ್ ರಾಷ್ಟ್ರಗಳಿಂದ ಹಣ ಬಂದಿರುವುದು ಈಗ
ಜಮ್ಮು-ಕಾಶ್ಮೀರದ ಪಹಲ್ಗಾಮ್ ದಾಳಿಕೋರರಿಗೆ ಪಾಕಿಸ್ತಾನ ಸೇರಿದಂತೆ ವಿದೇಶಗಳಿಂದ ಹಣದ ನೆರವು ಬಂದಿರುವುದನ್ನು ರಾಷ್ಟ್ರೀಯ ತನಿಖಾ ಸಂಸ್ಥೆ ಪತ್ತೆ ಹಚ್ಚಿದೆ. ಪಾಕಿಸ್ತಾನ ಮೂಲದ ಲಷ್ಕರ್-ಇ-ತೊಯ್ಬಾ ಭಯೋತ್ಪಾದಕ ಸಂಘಟನೆಯ ಪ್ರಾಕ್ಸಿ ಗುಂಪಾದ ದಿ ರೆಸಿಸ್ಟೆನ್ಸ್ ಫ್ರಂಟ್ (ಟಿಆರ್‌ಎಫ್)ಗೆ ಹಣದ ನೆರವು ಬಂದಿದೆ. ಪಾಕಿಸ್ತಾನ, ಮಲೇಷಿಯಾ ಮತ್ತು ಗಲ್ಫ್ ರಾಷ್ಟ್ರಗಳಿಂದ ಹಣ ಬಂದಿರುವುದು ಈಗ ಬಹಿರಂಗಗೊಂಡಿದೆ. ಮಲೇಷಿಯಾದಲ್ಲಿನ ಯಾಸಿರ್ ಹಯಾತ್ ಮೂಲಕ ಸುಮಾರು 9 ಲಕ್ಷ ರೂ.ಗಳ ಹಣವನ್ನು ಟಿಆರ್‌ಎಫ್ ಪಡೆದುಕೊಂಡಿದೆ. ಉಗ್ರರನ್ನು ಬೆಂಬಲಿಸುತ್ತಿರುವ ಸುಮಾರು 463 ದೂರವಾಣಿ ಕರೆಗಳನ್ನು ಪತ್ತೆ ಹಚ್ಚಲಾಗಿದೆ.
ಗಣೇಶನ ಮೆರವಣಿಗೆ ವಿದ್ಯುತ್ ಪ್ರವಹಿಸಿ ಯುವಕ ಸಾವು
ವಿಜಯಪುರ,ಸೆ.3-ಗಣೇಶ ವಿಸರ್ಜನೆಯ ಮೆರವಣಿಗೆ ವೇಳೆ ವಿದ್ಯುತ್ ಪ್ರವಹಿಸಿ ಓರ್ವ ಯುವಕ ಮೃತಪಟ್ಟು, ಇಬ್ಬರು ಗಂಭೀರವಾಗಿ ಗಾಯಗೊಂಡಿರುವ ಘಟನೆ ನಗರದ ಗಾಂಧಿಚೌಕ್ ವೃತ್ತದ ಬಳಿ ನಡೆದಿದೆ. ನಗರದ ಡೋಬಲೆ ಗಲ್ಲಿಯ ಶುಭಂ ಸಂಕಳ (21) ಮೃತ ದುರ್ದೈವಿ. ಗಾಯಗೊಂಡಿರುವ ಸೂಲಾಪುರದ ವಿಜಯ್ (22), ಡೋಬಲೆ ಗಲ್ಲಿಯ ಲಖನ್ ಶ್ರೀಕಾಂತ್ ಚವ್ಹಾಣ್ (28) ಅವರನ್ನು ಜಿಲ್ಲಾಸ್ಪತ್ರೆಗೆ ದಾಖಲಿಸಲಾಗಿದೆ. ಗಣೇಶ ಮೆರವಣಿಗೆ ವೇಳೆ ಈ ದುರ್ಘಟನೆ ಸಂಭವಿಸಿದೆ. ಗಣೇಶ ವಿಸರ್ಜನೆಯ ಮೆರವಣಿಗೆ ವೇಳೆ ವಿದ್ಯುತ್ ಪ್ರವಹಿಸಿ ಓರ್ವ ಯುವಕ ಮೃತಪಟ್ಟು, ಇಬ್ಬರು ಗಂಭೀರವಾಗಿ ಗಾಯಗೊಂಡಿರುವ ಘಟನೆ ನಗರದ ಗಾಂಧಿಚೌಕ್ ವೃತ್ತದ ಬಳಿ ನಡೆದಿದೆ. ನಗರದ ಡೋಬಲೆ ಗಲ್ಲಿಯ ಶುಭಂ ಸಂಕಳ (21) ಮೃತ ದುರ್ದೈವಿ. ಗಾಯಗೊಂಡಿರುವ ಸೂಲಾಪುರದ ವಿಜಯ್ (22), ಡೋಬಲೆ ಗಲ್ಲಿಯ ಲಖನ್ ಶ್ರೀಕಾಂತ್ ಚವ್ಹಾಣ್ (28) ಅವರನ್ನು ಜಿಲ್ಲಾಸ್ಪತ್ರೆಗೆ ದಾಖಲಿಸಲಾಗಿದೆ. ಗಣೇಶ ಮೆರವಣಿಗೆ ವೇಳೆ ಈ ದುರ್ಘಟನೆ ಸಂಭವಿಸಿದೆ.
ರಷ್ಯಾದಿಂದ ಭಾರತಕ್ಕೆ ರಿಯಾಯ್ತಿ ದರದಲ್ಲಿ ಎಸ್-400 ಕ್ಷಿಪಣಿ ಪೂರೈಕೆ
ನವದೆಹಲಿ, ಸೆ.3-ಭಾರತದ ಮೇಲೆ ಅಮೆರಿಕ ಸುಂಕಾಸ್ತ್ರ ಪ್ರಯೋಗಿಸಿರುವ ನಡುವೆಯೇ ರಷ್ಯಾದಿಂದ ಭಾರತಕ್ಕೆ ಕಚ್ಚಾ ತೈಲ ಹಾಗೂ ಎಸ್-400 ಕ್ಷಿಪಣಿ ವ್ಯವಸ್ಥೆಯ ಪೂರೈಕೆ ಮುಂದುವರಿಸಲಿದೆ ಎಂದು ಉನ್ನತ ಮೂಲಗಳು ತಿಳಿಸಿವೆ. ಆದರೆ ರಷ್ಯಾ 2026 ಮತ್ತು 2027ರಲ್ಲಿ ಭಾರತಕ್ಕೆ ಎಸ್-400 ಕ್ಷಿಪಣಿ ಪೂರೈಕೆಯನ್ನು ಪೂರ್ಣಗೊಳಿಸಲಿದೆ. ರಷ್ಯಾದ ಮಿಲಿಟರಿ-ತಾಂತ್ರಿಕ ಸಹಕಾರದ ಮುಖ್ಯಸ್ಥ ಡಿಮಿಟ್ರಿ ಶುಗಾಯೆವ್ ಮಾಹಿತಿ ನೀಡಿದ್ದಾರೆ. ಭಾರತ 2018 ರಲ್ಲಿ ಐದು ಎಸ್-400 ಕ್ಷಿಪಣಿ ವ್ಯವಸ್ಥೆಗಳಿಗೆ 5.5 ಬಿಲಿಯನ್ ಡಾಲರ್ ಒಪ್ಪಂದ ಮಾಡಿಕೊಂಡಿತ್ತು.
ಭಾರತದ ಮೇಲೆ ಅಮೆರಿಕ ಸುಂಕಾಸ್ತ್ರ ಪ್ರಯೋಗಿಸಿರುವ ನಡುವೆಯೇ ರಷ್ಯಾದಿಂದ ಭಾರತಕ್ಕೆ ಕಚ್ಚಾ ತೈಲ ಹಾಗೂ ಎಸ್-400 ಕ್ಷಿಪಣಿ ವ್ಯವಸ್ಥೆಯ ಪೂರೈಕೆ ಮುಂದುವರಿಸಲಿದೆ ಎಂದು ಉನ್ನತ ಮೂಲಗಳು ತಿಳಿಸಿವೆ. ಆದರೆ ರಷ್ಯಾ 2026 ಮತ್ತು 2027ರಲ್ಲಿ ಭಾರತಕ್ಕೆ
ಭಾರತದ ಮೇಲೆ ಅಮೆರಿಕ ಸುಂಕಾಸ್ತ್ರ ಪ್ರಯೋಗಿಸಿರುವ ನಡುವೆಯೇ ರಷ್ಯಾದಿಂದ ಭಾರತಕ್ಕೆ ಕಚ್ಚಾ ತೈಲ ಹಾಗೂ ಎಸ್-400 ಕ್ಷಿಪಣಿ ವ್ಯವಸ್ಥೆಯ ಪೂರೈಕೆ ಮುಂದುವರಿಸಲಿದೆ ಎಂದು ಉನ್ನತ ಮೂಲಗಳು ತಿಳಿಸಿವೆ. ಆದರೆ ರಷ್ಯಾ 2026 ಮತ್ತು 2027ರಲ್ಲಿ ಭಾರತಕ್ಕೆ ಎಸ್-400 ಕ್ಷಿಪಣಿ ಪೂರೈಕೆಯನ್ನು ಪೂರ್ಣಗೊಳಿಸಲಿದೆ. ರಷ್ಯಾದ ಮಿಲಿಟರಿ-ತಾಂತ್ರಿಕ ಸಹಕಾರದ ಮುಖ್ಯಸ್ಥ ಡಿಮಿಟ್ರಿ ಶುಗಾಯೆವ್ ಮಾಹಿತಿ ನೀಡಿದ್ದಾರೆ. ಭಾರತ 2018 ರಲ್ಲಿ ಐದು ಎಸ್-400 ಕ್ಷಿಪಣಿ ವ್ಯವಸ್ಥೆಗಳಿಗೆ 5.5 ಬಿಲಿಯನ್ ಡಾಲರ್ ಒಪ್ಪಂದ ಮಾಡಿಕೊಂಡಿತ್ತು.
ಚಿನಿವಾರಪೇಟೆ - ಮುಂಬೈ, ಸೆಪ್ಟೆಂಬರ್ 3: ಚಿನ್ನ ಅಪರಂಜಿ - 24 ಕ್ಯಾರೆಟ್ 10 ಗ್ರಾಂ 1,01,510 22 ಕ್ಯಾರೆಟ್ - 10 ಗ್ರಾಂ 93,050 ಬೆಳ್ಳಿ 1 ಕೆ.ಜಿ. - 1,21,000
